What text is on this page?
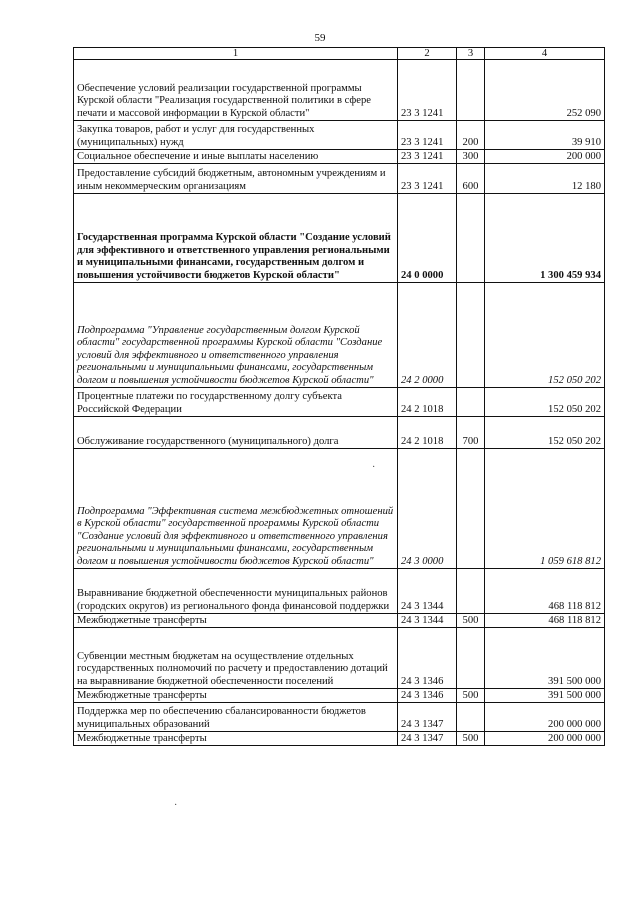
59
1	2	3	4
Обеспечение условий реализации государственной программы Курской области "Реализация государственной политики в сфере печати и массовой информации в Курской области"	23 3 1241		252 090
Закупка товаров, работ и услуг для государственных (муниципальных) нужд	23 3 1241	200	39 910
Социальное обеспечение и иные выплаты населению	23 3 1241	300	200 000
Предоставление субсидий бюджетным, автономным учреждениям и иным некоммерческим организациям	23 3 1241	600	12 180
Государственная программа Курской области "Создание условий для эффективного и ответственного управления региональными и муниципальными финансами, государственным долгом и повышения устойчивости бюджетов Курской области"	24 0 0000		1 300 459 934
Подпрограмма "Управление государственным долгом Курской области" государственной программы Курской области "Создание условий для эффективного и ответственного управления региональными и муниципальными финансами, государственным долгом и повышения устойчивости бюджетов Курской области"	24 2 0000		152 050 202
Процентные платежи по государственному долгу субъекта Российской Федерации	24 2 1018		152 050 202
Обслуживание государственного (муниципального) долга	24 2 1018	700	152 050 202
Подпрограмма "Эффективная система межбюджетных отношений в Курской области" государственной программы Курской области "Создание условий для эффективного и ответственного управления региональными и муниципальными финансами, государственным долгом и повышения устойчивости бюджетов Курской области"	24 3 0000		1 059 618 812
Выравнивание бюджетной обеспеченности муниципальных районов (городских округов) из регионального фонда финансовой поддержки	24 3 1344		468 118 812
Межбюджетные трансферты	24 3 1344	500	468 118 812
Субвенции местным бюджетам на осуществление отдельных государственных полномочий по расчету и предоставлению дотаций на выравнивание бюджетной обеспеченности поселений	24 3 1346		391 500 000
Межбюджетные трансферты	24 3 1346	500	391 500 000
Поддержка мер по обеспечению сбалансированности бюджетов муниципальных образований	24 3 1347		200 000 000
Межбюджетные трансферты	24 3 1347	500	200 000 000
·
·
